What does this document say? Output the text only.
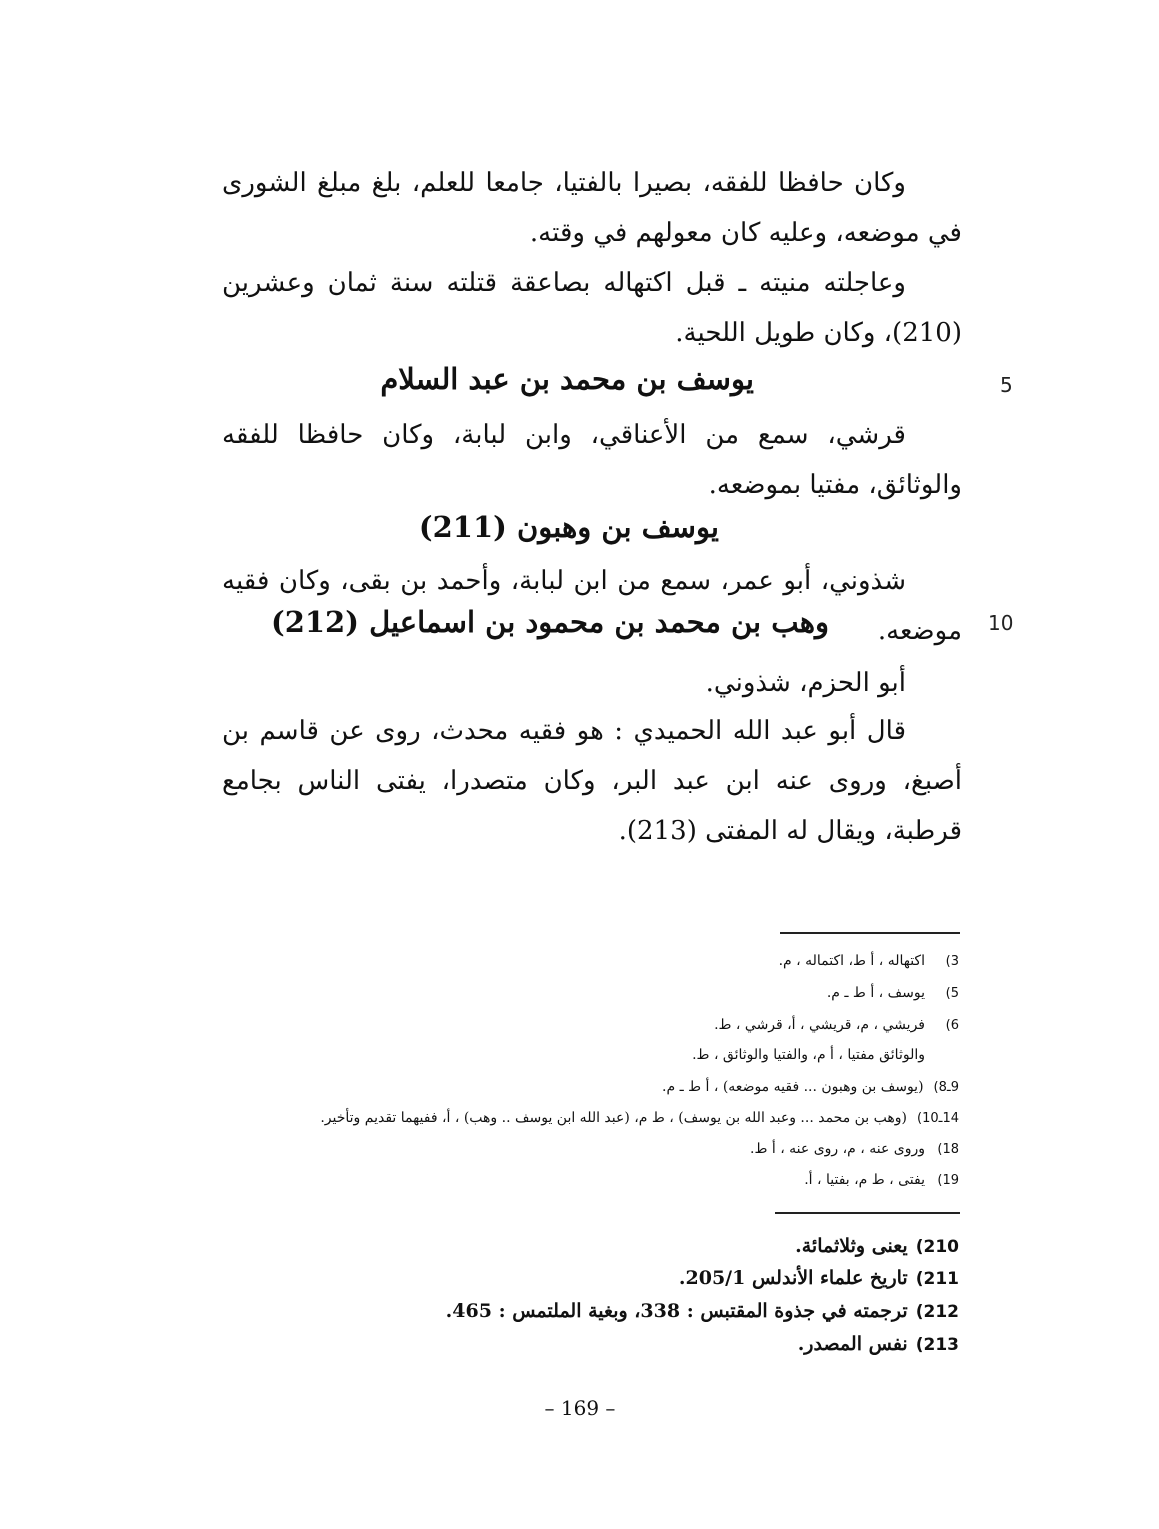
وكان حافظا للفقه، بصيرا بالفتيا، جامعا للعلم، بلغ مبلغ الشورى في موضعه، وعليه كان معولهم في وقته.

وعاجلته منيته ـ قبل اكتهاله بصاعقة قتلته سنة ثمان وعشرين (210)، وكان طويل اللحية.

يوسف بن محمد بن عبد السلام	5

قرشي، سمع من الأعناقي، وابن لبابة، وكان حافظا للفقه والوثائق، مفتيا بموضعه.

يوسف بن وهبون (211)

شذوني، أبو عمر، سمع من ابن لبابة، وأحمد بن بقى، وكان فقيه موضعه.

وهب بن محمد بن محمود بن اسماعيل (212)	10

أبو الحزم، شذوني.

قال أبو عبد الله الحميدي : هو فقيه محدث، روى عن قاسم بن أصبغ، وروى عنه ابن عبد البر، وكان متصدرا، يفتى الناس بجامع قرطبة، ويقال له المفتى (213).

3)اكتهاله ، أ ط، اكتماله ، م.
5)يوسف ، أ ط ـ م.
6)فريشي ، م، قريشي ، أ، قرشي ، ط.
والوثائق مفتيا ، أ م، والفتيا والوثائق ، ط.
9ـ8)(يوسف بن وهبون ... فقيه موضعه) ، أ ط ـ م.
14ـ10)(وهب بن محمد ... وعبد الله بن يوسف) ، ط م، (عبد الله ابن يوسف .. وهب) ، أ، ففيهما تقديم وتأخير.
18)وروى عنه ، م، روى عنه ، أ ط.
19)يفتى ، ط م، بفتيا ، أ.
210)يعنى وثلاثمائة.
211)تاريخ علماء الأندلس 205/1.
212)ترجمته في جذوة المقتبس : 338، وبغية الملتمس : 465.
213)نفس المصدر.
– 169 –
